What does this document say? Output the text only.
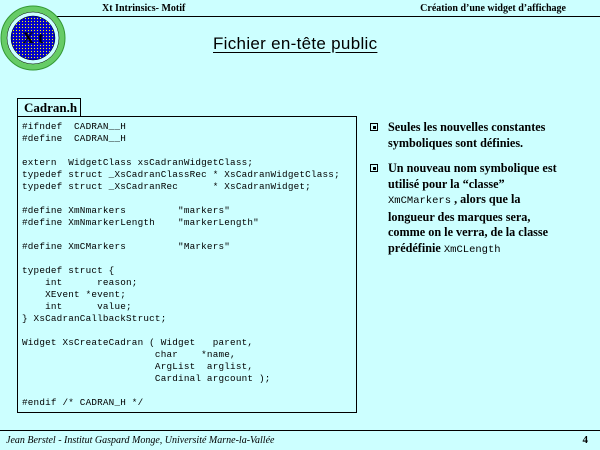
X t
Xt Intrinsics- Motif	Création d’une widget d’affichage
Fichier en-tête public
Cadran.h
#ifndef  CADRAN__H
#define  CADRAN__H

extern  WidgetClass xsCadranWidgetClass;
typedef struct _XsCadranClassRec * XsCadranWidgetClass;
typedef struct _XsCadranRec      * XsCadranWidget;

#define XmNmarkers         "markers"
#define XmNmarkerLength    "markerLength"

#define XmCMarkers         "Markers"

typedef struct {
int      reason;
XEvent *event;
int      value;
} XsCadranCallbackStruct;

Widget XsCreateCadran ( Widget   parent,
char    *name,
ArgList  arglist,
Cardinal argcount );

#endif /* CADRAN_H */
Seules les nouvelles constantes symboliques sont définies.
Un nouveau nom symbolique est utilisé pour la “classe” XmCMarkers , alors que la longueur des marques sera, comme on le verra, de la classe prédéfinie XmCLength
Jean Berstel - Institut Gaspard Monge, Université Marne-la-Vallée	4
